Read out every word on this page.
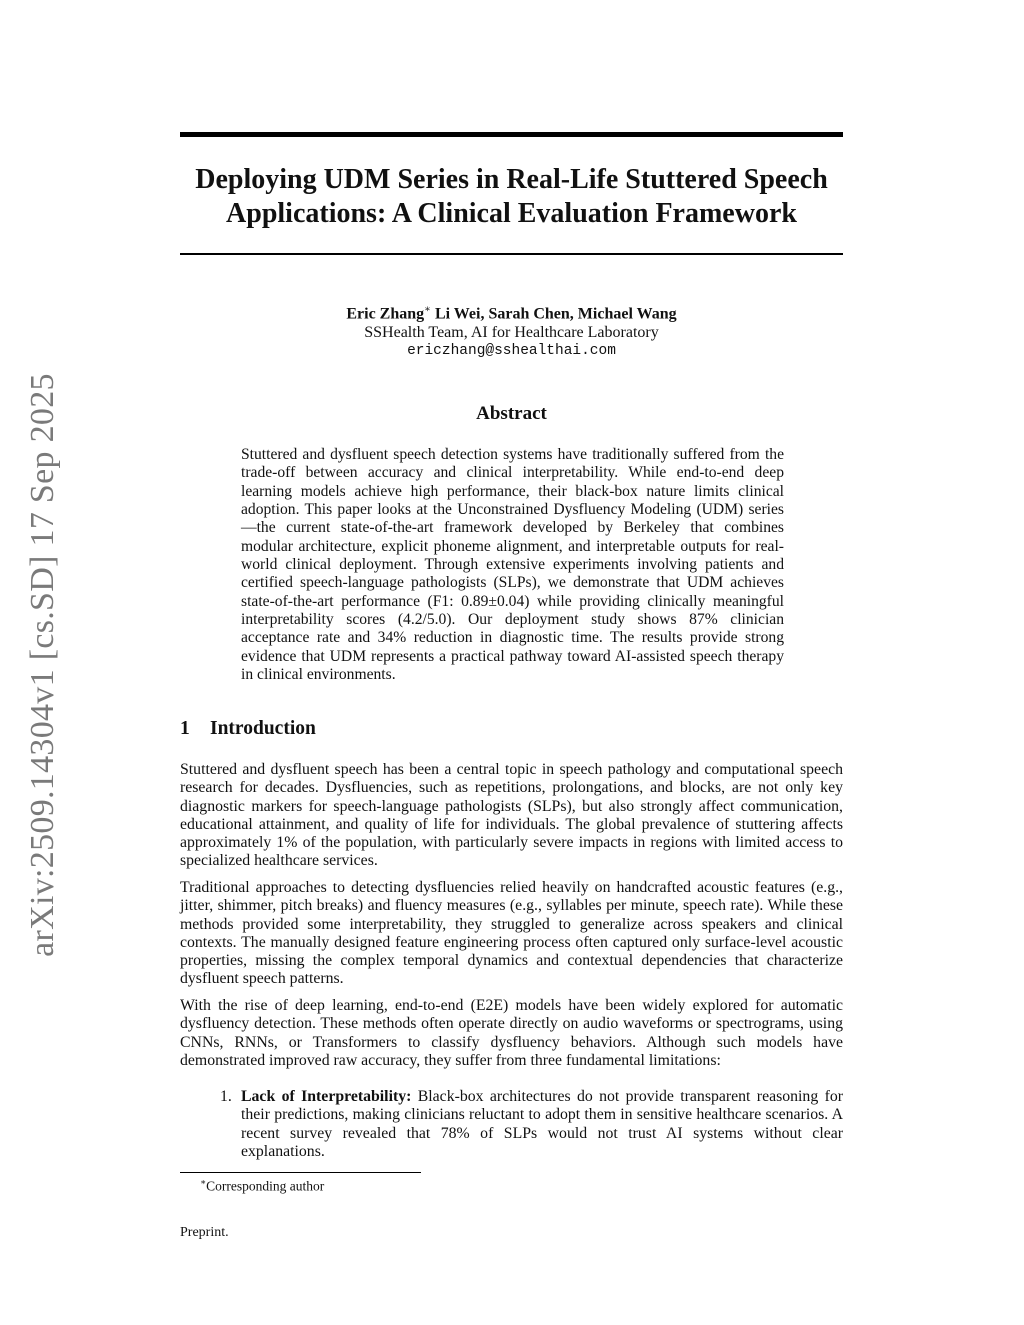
arXiv:2509.14304v1 [cs.SD] 17 Sep 2025
Deploying UDM Series in Real-Life Stuttered Speech
Applications: A Clinical Evaluation Framework
Eric Zhang∗ Li Wei, Sarah Chen, Michael Wang
SSHealth Team, AI for Healthcare Laboratory
ericzhang@sshealthai.com
Abstract

Stuttered and dysfluent speech detection systems have traditionally suffered from the trade-off between accuracy and clinical interpretability. While end-to-end deep learning models achieve high performance, their black-box nature limits clinical adoption. This paper looks at the Unconstrained Dysfluency Modeling (UDM) series—the current state-of-the-art framework developed by Berkeley that combines modular architecture, explicit phoneme alignment, and interpretable outputs for real-world clinical deployment. Through extensive experiments involving patients and certified speech-language pathologists (SLPs), we demonstrate that UDM achieves state-of-the-art performance (F1: 0.89±0.04) while providing clinically meaningful interpretability scores (4.2/5.0). Our deployment study shows 87% clinician acceptance rate and 34% reduction in diagnostic time. The results provide strong evidence that UDM represents a practical pathway toward AI-assisted speech therapy in clinical environments.

1 Introduction

Stuttered and dysfluent speech has been a central topic in speech pathology and computational speech research for decades. Dysfluencies, such as repetitions, prolongations, and blocks, are not only key diagnostic markers for speech-language pathologists (SLPs), but also strongly affect communication, educational attainment, and quality of life for individuals. The global prevalence of stuttering affects approximately 1% of the population, with particularly severe impacts in regions with limited access to specialized healthcare services.

Traditional approaches to detecting dysfluencies relied heavily on handcrafted acoustic features (e.g., jitter, shimmer, pitch breaks) and fluency measures (e.g., syllables per minute, speech rate). While these methods provided some interpretability, they struggled to generalize across speakers and clinical contexts. The manually designed feature engineering process often captured only surface-level acoustic properties, missing the complex temporal dynamics and contextual dependencies that characterize dysfluent speech patterns.

With the rise of deep learning, end-to-end (E2E) models have been widely explored for automatic dysfluency detection. These methods often operate directly on audio waveforms or spectrograms, using CNNs, RNNs, or Transformers to classify dysfluency behaviors. Although such models have demonstrated improved raw accuracy, they suffer from three fundamental limitations:

1. Lack of Interpretability: Black-box architectures do not provide transparent reasoning for their predictions, making clinicians reluctant to adopt them in sensitive healthcare scenarios. A recent survey revealed that 78% of SLPs would not trust AI systems without clear explanations.
∗Corresponding author
Preprint.
